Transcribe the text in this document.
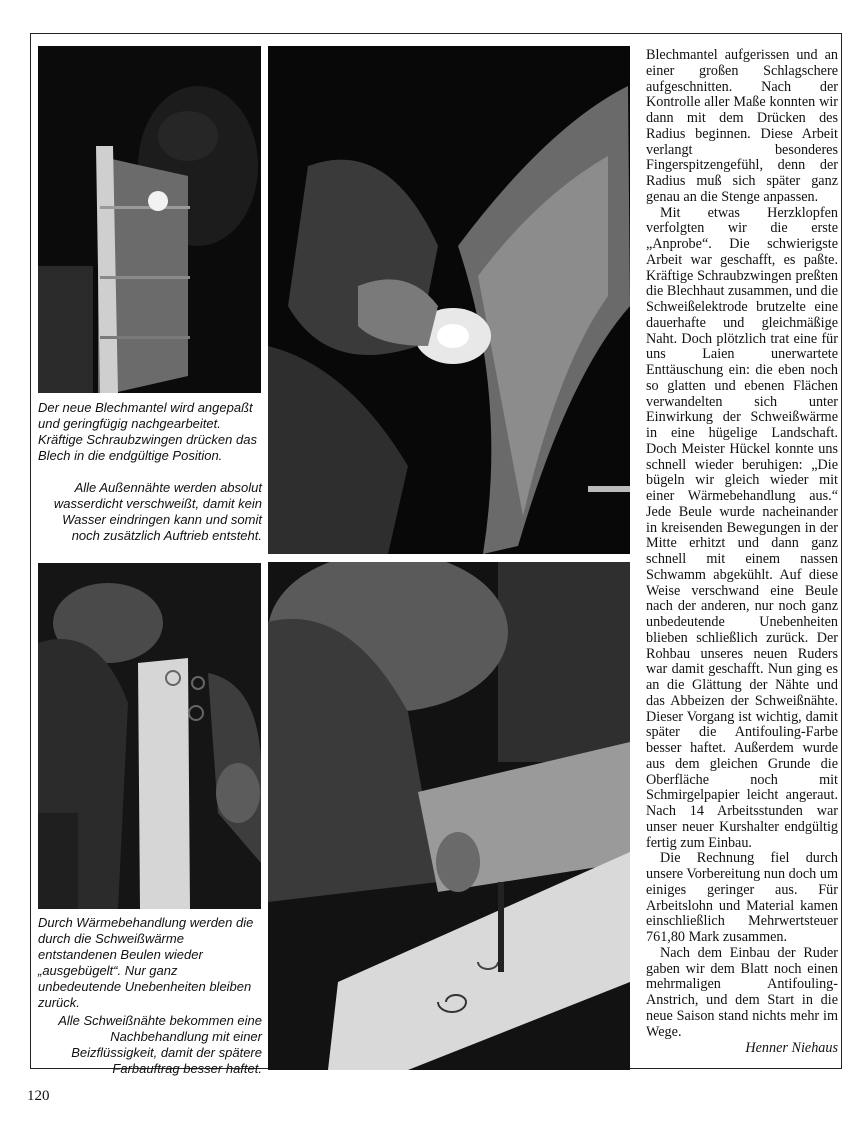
Der neue Blechmantel wird angepaßt und geringfügig nachgearbeitet. Kräftige Schraubzwingen drücken das Blech in die endgültige Position.
Alle Außennähte werden absolut wasserdicht verschweißt, damit kein Wasser eindringen kann und somit noch zusätzlich Auftrieb entsteht.
Durch Wärmebehandlung werden die durch die Schweißwärme entstandenen Beulen wieder „ausgebügelt“. Nur ganz unbedeutende Unebenheiten bleiben zurück.
Alle Schweißnähte bekommen eine Nachbehandlung mit einer Beizflüssigkeit, damit der spätere Farbauftrag besser haftet.

Blechmantel aufgerissen und an einer großen Schlagschere aufgeschnitten. Nach der Kontrolle aller Maße konnten wir dann mit dem Drücken des Radius beginnen. Diese Arbeit verlangt besonderes Fingerspitzengefühl, denn der Radius muß sich später ganz genau an die Stenge anpassen.

Mit etwas Herzklopfen verfolgten wir die erste „Anprobe“. Die schwierigste Arbeit war geschafft, es paßte. Kräftige Schraubzwingen preßten die Blechhaut zusammen, und die Schweißelektrode brutzelte eine dauerhafte und gleichmäßige Naht. Doch plötzlich trat eine für uns Laien unerwartete Enttäuschung ein: die eben noch so glatten und ebenen Flächen verwandelten sich unter Einwirkung der Schweißwärme in eine hügelige Landschaft. Doch Meister Hückel konnte uns schnell wieder beruhigen: „Die bügeln wir gleich wieder mit einer Wärmebehandlung aus.“ Jede Beule wurde nacheinander in kreisenden Bewegungen in der Mitte erhitzt und dann ganz schnell mit einem nassen Schwamm abgekühlt. Auf diese Weise verschwand eine Beule nach der anderen, nur noch ganz unbedeutende Unebenheiten blieben schließlich zurück. Der Rohbau unseres neuen Ruders war damit geschafft. Nun ging es an die Glättung der Nähte und das Abbeizen der Schweißnähte. Dieser Vorgang ist wichtig, damit später die Antifouling-Farbe besser haftet. Außerdem wurde aus dem gleichen Grunde die Oberfläche noch mit Schmirgelpapier leicht angeraut. Nach 14 Arbeitsstunden war unser neuer Kurshalter endgültig fertig zum Einbau.

Die Rechnung fiel durch unsere Vorbereitung nun doch um einiges geringer aus. Für Arbeitslohn und Material kamen einschließlich Mehrwertsteuer 761,80 Mark zusammen.

Nach dem Einbau der Ruder gaben wir dem Blatt noch einen mehrmaligen Antifouling-Anstrich, und dem Start in die neue Saison stand nichts mehr im Wege.

Henner Niehaus
120
